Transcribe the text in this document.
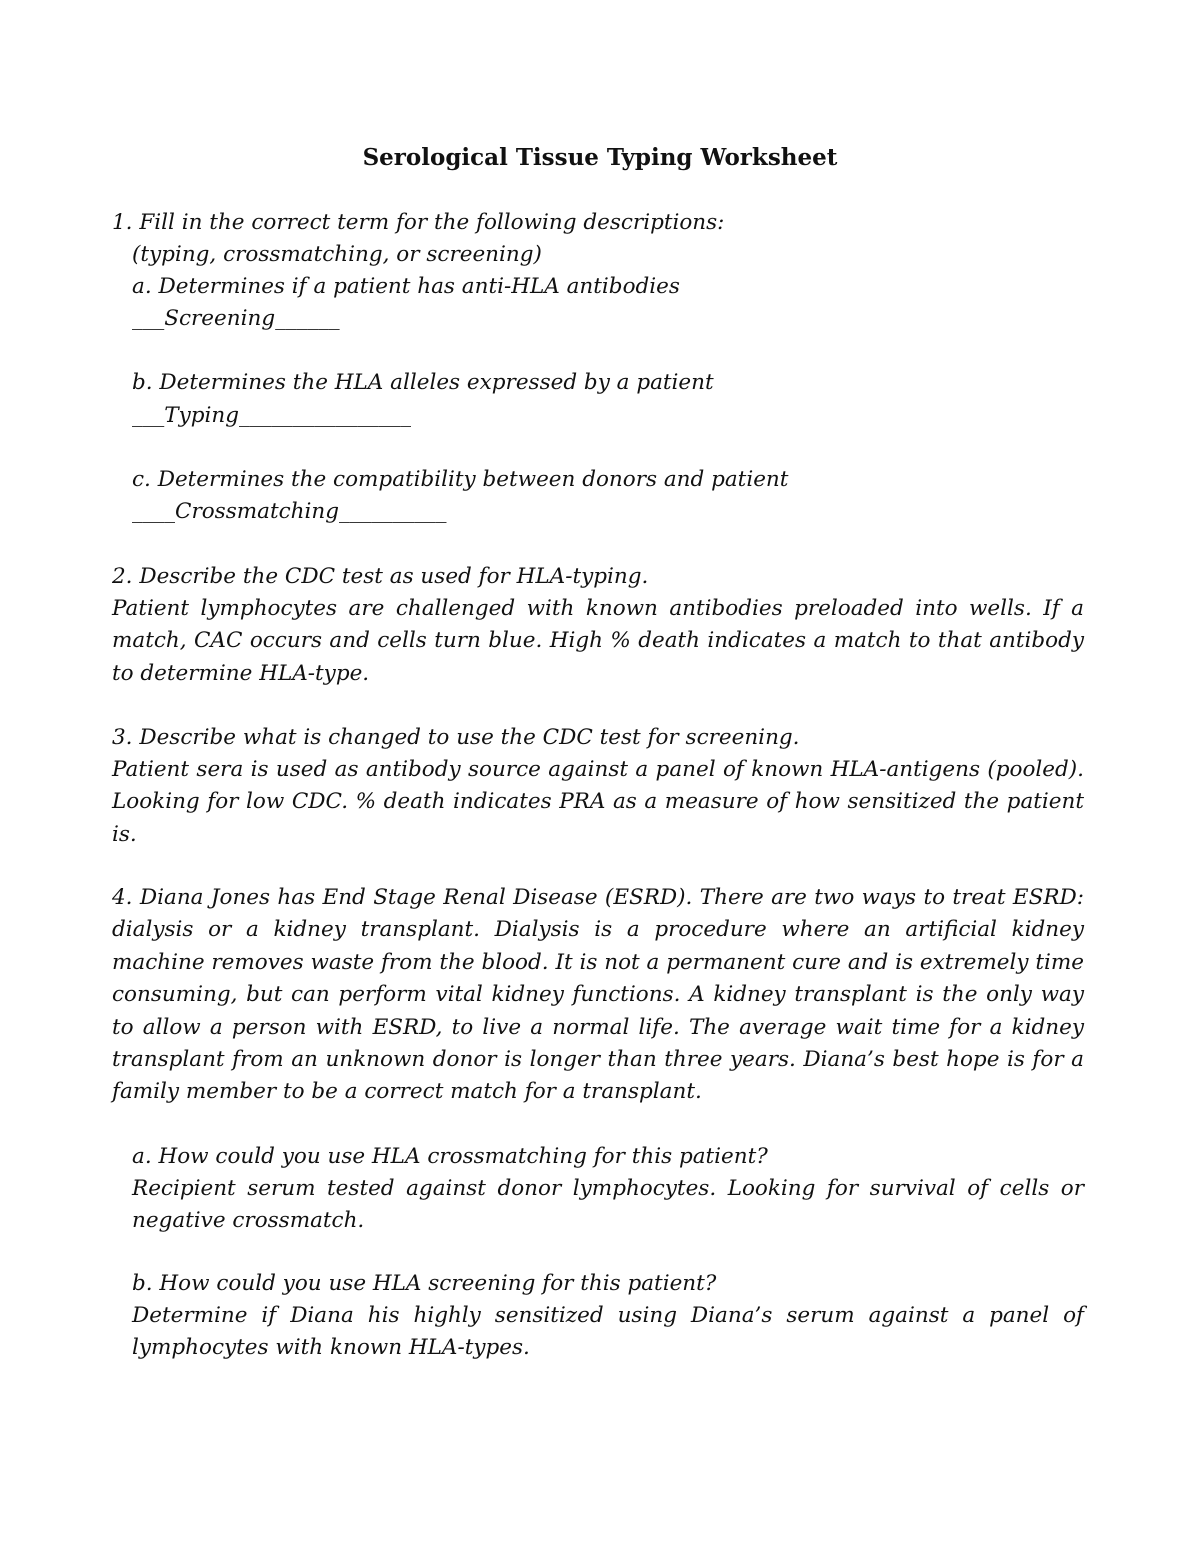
Serological Tissue Typing Worksheet
1. Fill in the correct term for the following descriptions:
(typing, crossmatching, or screening)
a. Determines if a patient has anti-HLA antibodies
___Screening______
b. Determines the HLA alleles expressed by a patient
___Typing________________
c. Determines the compatibility between donors and patient
____Crossmatching__________
2. Describe the CDC test as used for HLA-typing.
Patient lymphocytes are challenged with known antibodies preloaded into wells. If a match, CAC occurs and cells turn blue. High % death indicates a match to that antibody to determine HLA-type.
3. Describe what is changed to use the CDC test for screening.
Patient sera is used as antibody source against a panel of known HLA-antigens (pooled). Looking for low CDC. % death indicates PRA as a measure of how sensitized the patient is.
4. Diana Jones has End Stage Renal Disease (ESRD). There are two ways to treat ESRD: dialysis or a kidney transplant. Dialysis is a procedure where an artificial kidney machine removes waste from the blood. It is not a permanent cure and is extremely time consuming, but can perform vital kidney functions. A kidney transplant is the only way to allow a person with ESRD, to live a normal life. The average wait time for a kidney transplant from an unknown donor is longer than three years. Diana’s best hope is for a family member to be a correct match for a transplant.
a. How could you use HLA crossmatching for this patient?
Recipient serum tested against donor lymphocytes. Looking for survival of cells or negative crossmatch.
b. How could you use HLA screening for this patient?
Determine if Diana his highly sensitized using Diana’s serum against a panel of lymphocytes with known HLA-types.
